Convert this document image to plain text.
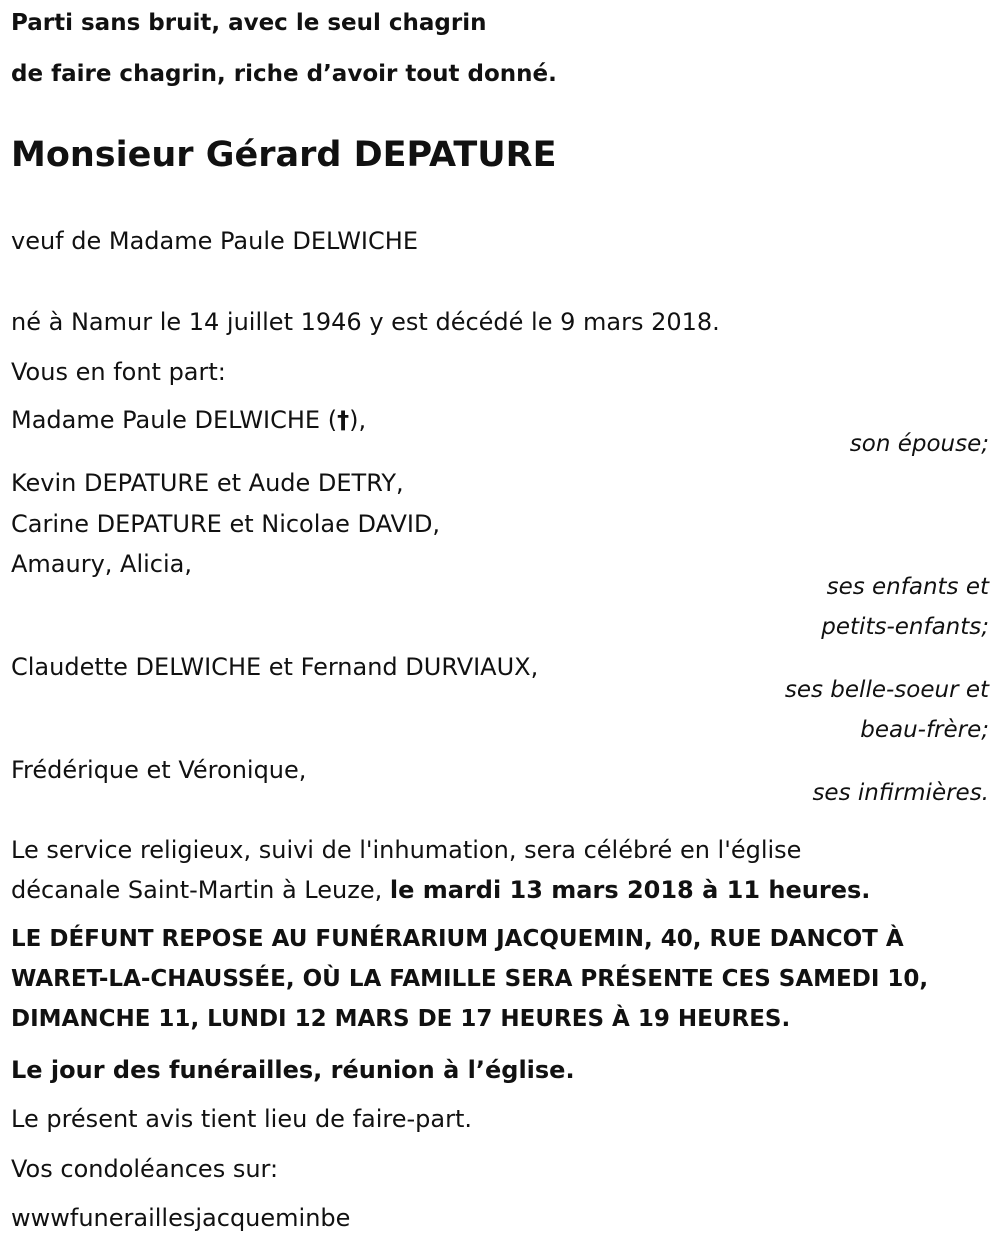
Parti sans bruit, avec le seul chagrin

de faire chagrin, riche d’avoir tout donné.

Monsieur Gérard DEPATURE

veuf de Madame Paule DELWICHE

né à Namur le 14 juillet 1946 y est décédé le 9 mars 2018.

Vous en font part:

Madame Paule DELWICHE (†),

son épouse;

Kevin DEPATURE et Aude DETRY,

Carine DEPATURE et Nicolae DAVID,

Amaury, Alicia,

ses enfants et

petits-enfants;

Claudette DELWICHE et Fernand DURVIAUX,

ses belle-soeur et

beau-frère;

Frédérique et Véronique,

ses infirmières.

Le service religieux, suivi de l'inhumation, sera célébré en l'église

décanale Saint-Martin à Leuze, le mardi 13 mars 2018 à 11 heures.

LE DÉFUNT REPOSE AU FUNÉRARIUM JACQUEMIN, 40, RUE DANCOT À

WARET-LA-CHAUSSÉE, OÙ LA FAMILLE SERA PRÉSENTE CES SAMEDI 10,

DIMANCHE 11, LUNDI 12 MARS DE 17 HEURES À 19 HEURES.

Le jour des funérailles, réunion à l’église.

Le présent avis tient lieu de faire-part.

Vos condoléances sur:

wwwfuneraillesjacqueminbe
